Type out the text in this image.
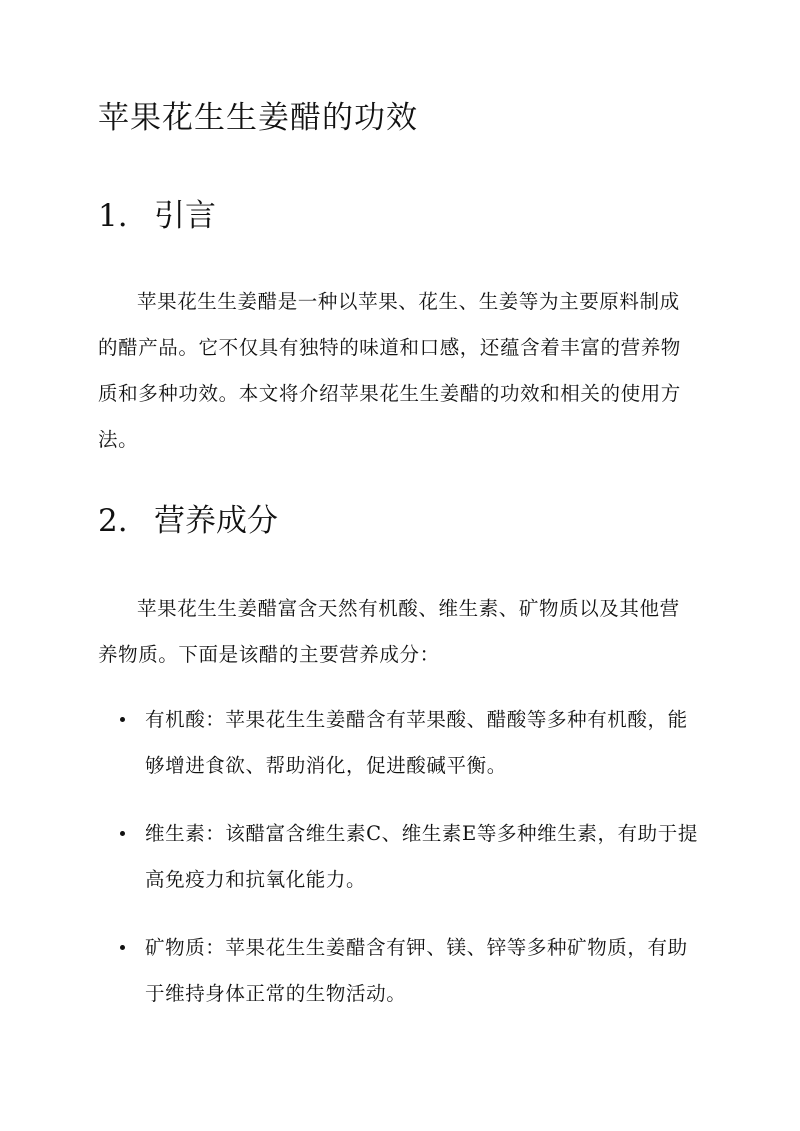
苹果花生生姜醋的功效
1. 引言

苹果花生生姜醋是一种以苹果、花生、生姜等为主要原料制成的醋产品。它不仅具有独特的味道和口感，还蕴含着丰富的营养物质和多种功效。本文将介绍苹果花生生姜醋的功效和相关的使用方法。

2. 营养成分

苹果花生生姜醋富含天然有机酸、维生素、矿物质以及其他营养物质。下面是该醋的主要营养成分：

有机酸：苹果花生生姜醋含有苹果酸、醋酸等多种有机酸，能够增进食欲、帮助消化，促进酸碱平衡。
维生素：该醋富含维生素C、维生素E等多种维生素，有助于提高免疫力和抗氧化能力。
矿物质：苹果花生生姜醋含有钾、镁、锌等多种矿物质，有助于维持身体正常的生物活动。
